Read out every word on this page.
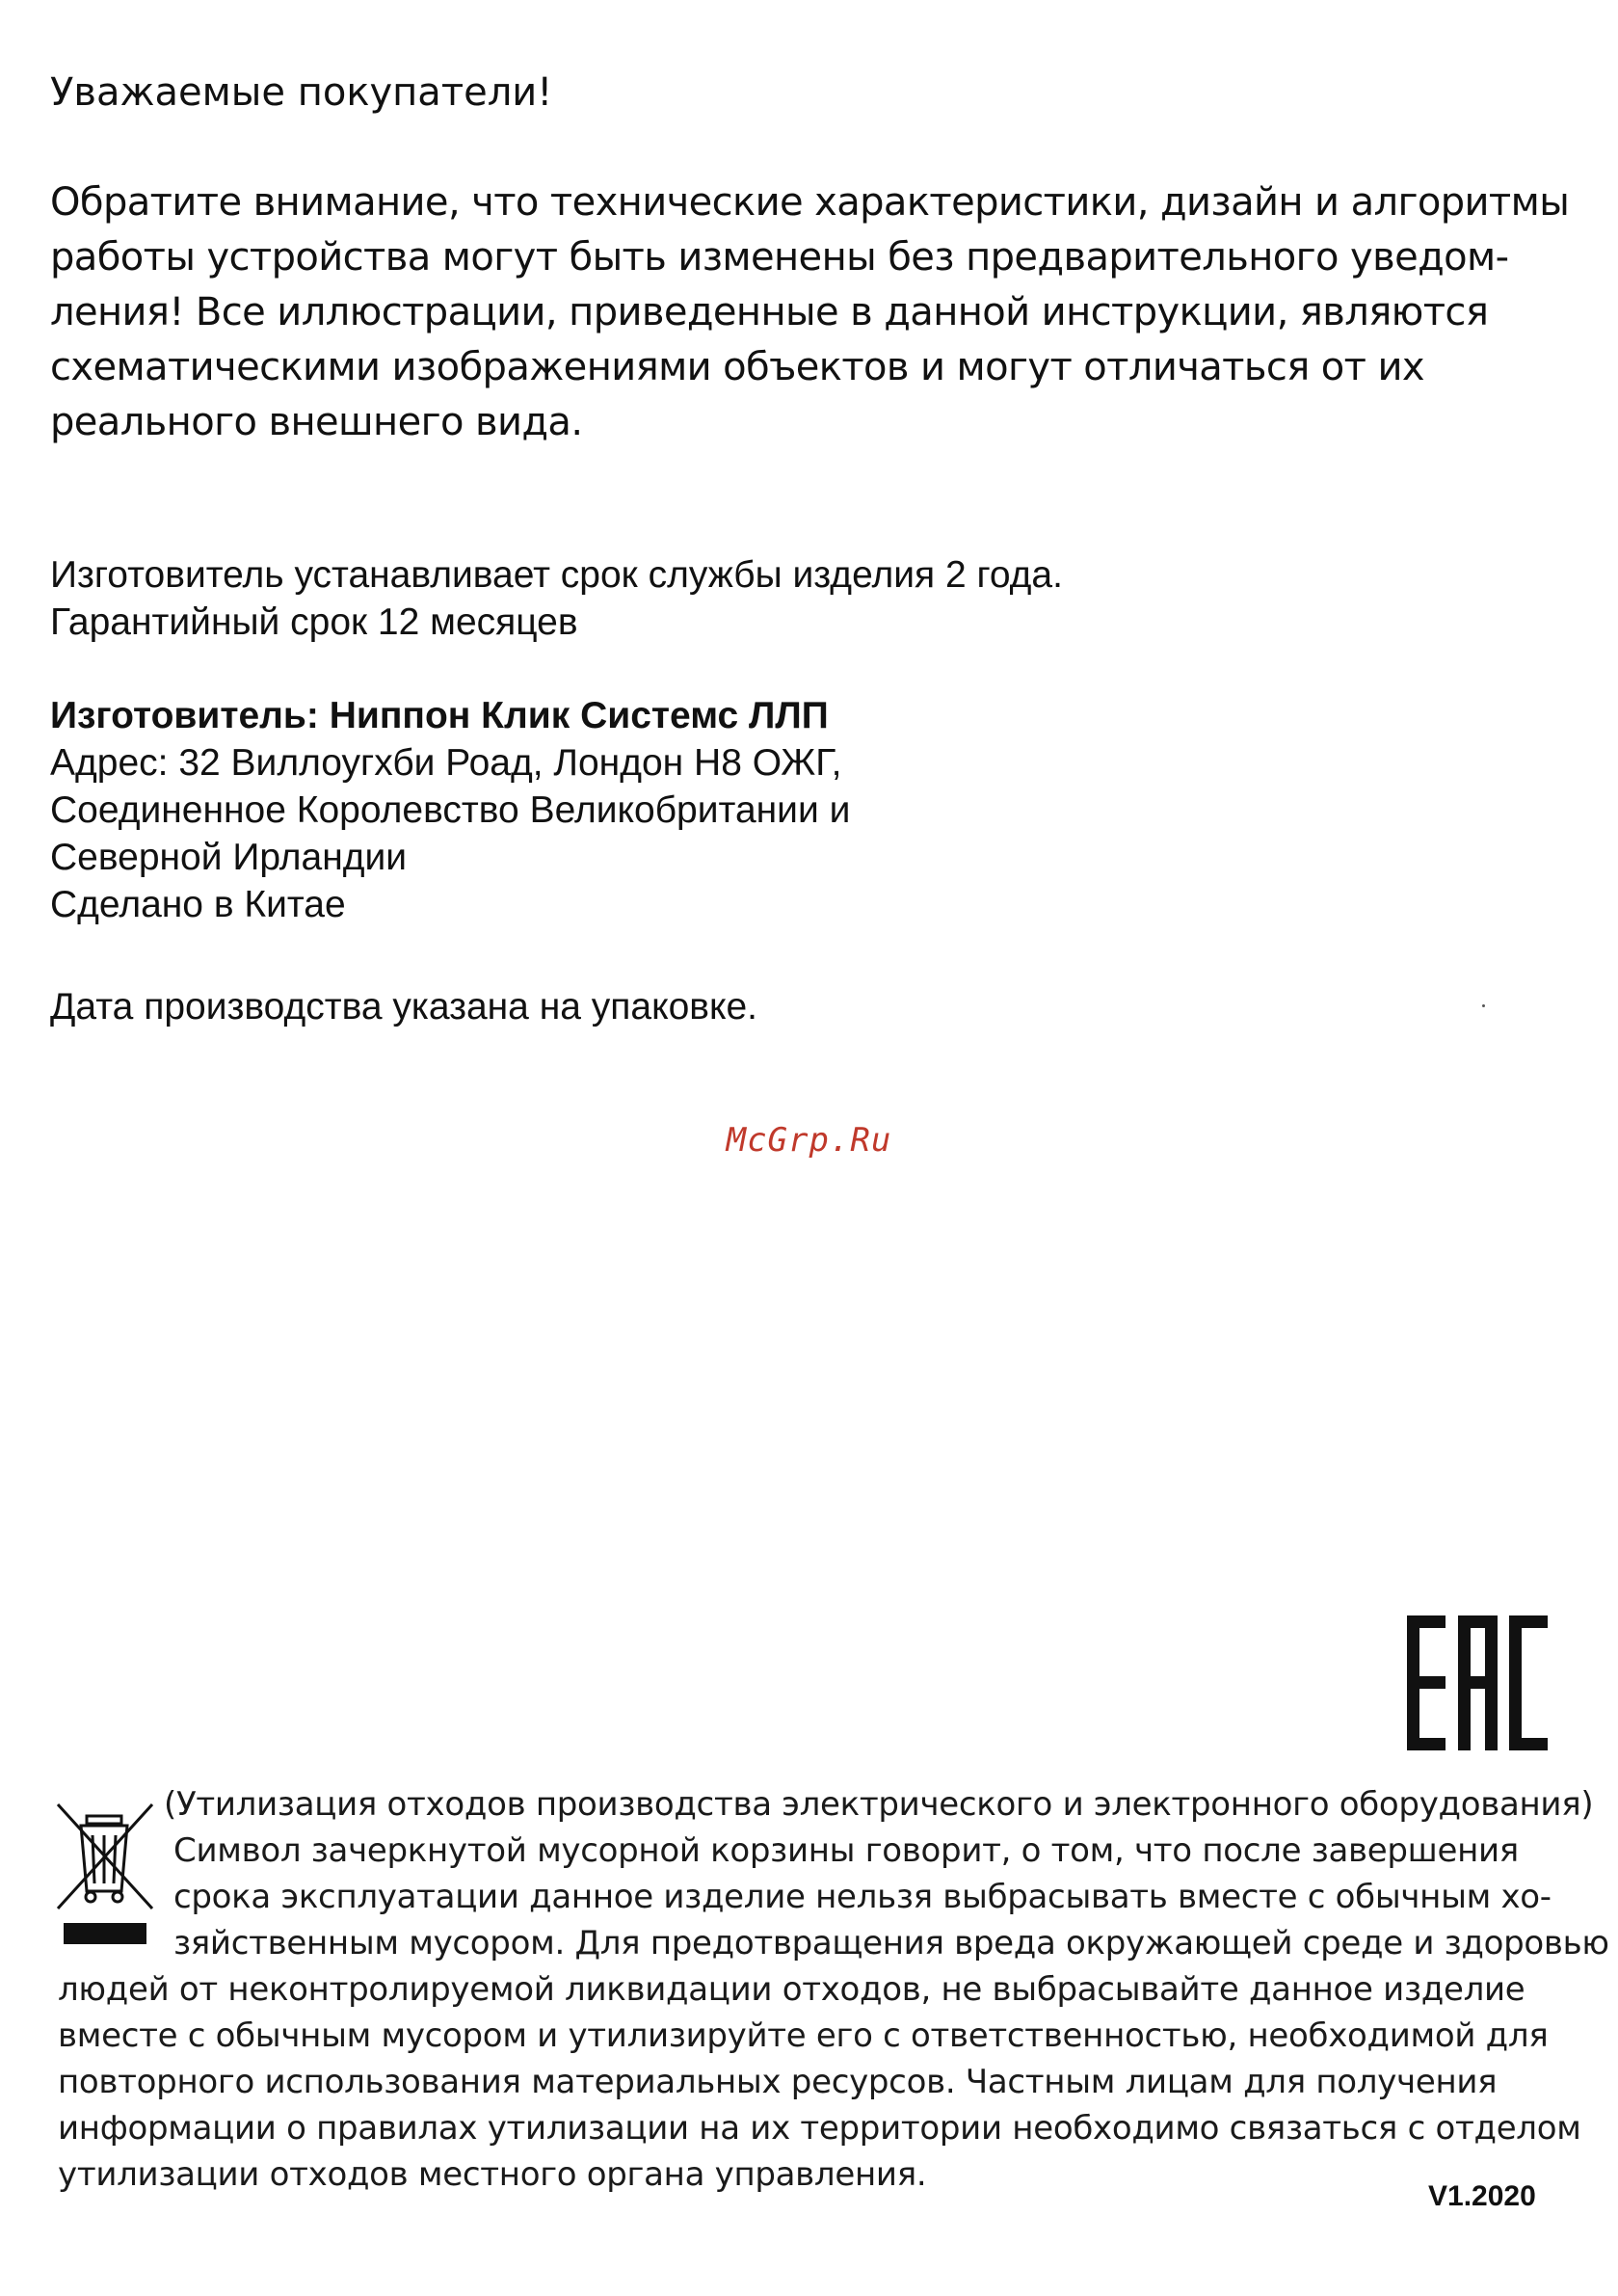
Уважаемые покупатели!

Обратите внимание, что технические характеристики, дизайн и алгоритмы

работы устройства могут быть изменены без предварительного уведом-

ления! Все иллюстрации, приведенные в данной инструкции, являются

схематическими изображениями объектов и могут отличаться от их

реального внешнего вида.

Изготовитель устанавливает срок службы изделия 2 года.

Гарантийный срок 12 месяцев

Изготовитель: Ниппон Клик Системс ЛЛП

Адрес: 32 Виллоугхби Роад, Лондон Н8 ОЖГ,

Соединенное Королевство Великобритании и

Северной Ирландии

Сделано в Китае

Дата производства указана на упаковке.

McGrp.Ru
(Утилизация отходов производства электрического и электронного оборудования)
Символ зачеркнутой мусорной корзины говорит, о том, что после завершения
срока эксплуатации данное изделие нельзя выбрасывать вместе с обычным хо-
зяйственным мусором. Для предотвращения вреда окружающей среде и здоровью
людей от неконтролируемой ликвидации отходов, не выбрасывайте данное изделие
вместе с обычным мусором и утилизируйте его с ответственностью, необходимой для
повторного использования материальных ресурсов. Частным лицам для получения
информации о правилах утилизации на их территории необходимо связаться с отделом
утилизации отходов местного органа управления.
V1.2020
